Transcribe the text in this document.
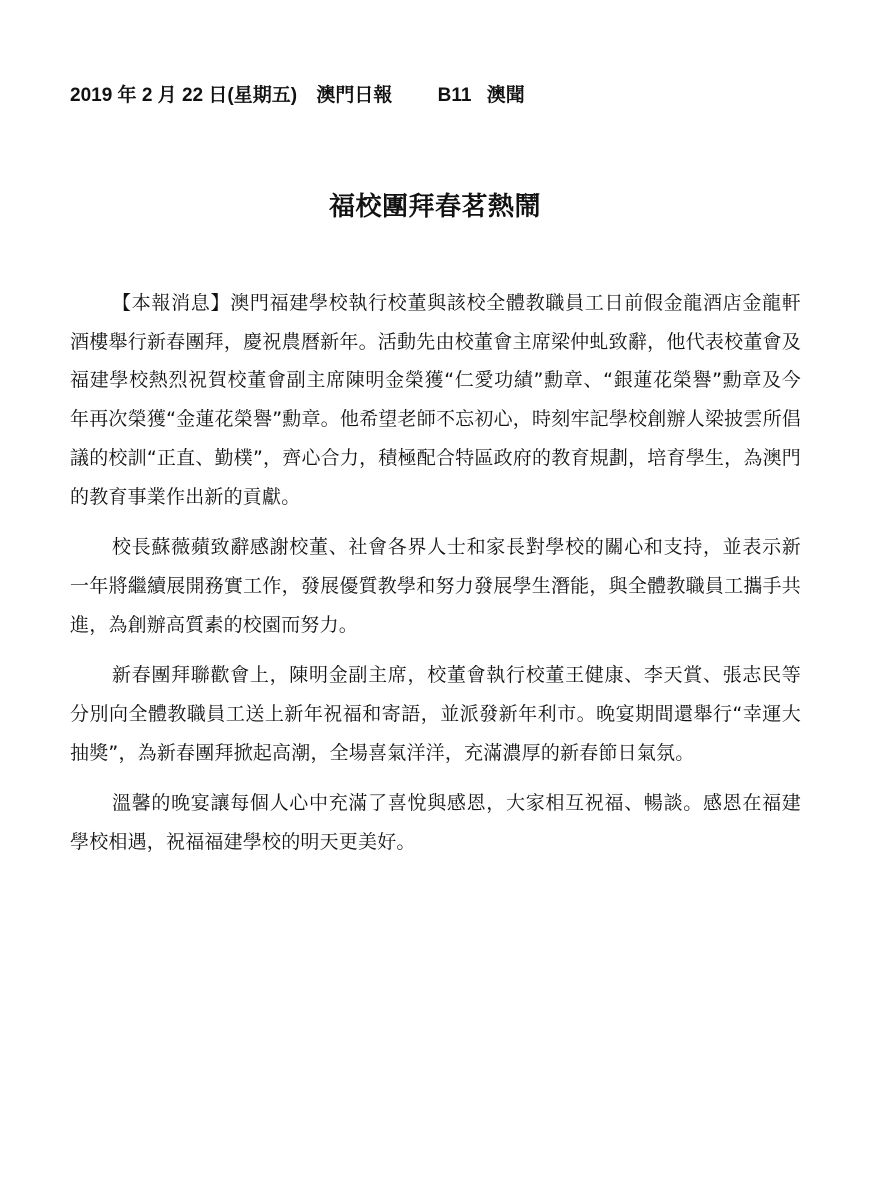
2019 年 2 月 22 日(星期五) 澳門日報 B11 澳聞
福校團拜春茗熱鬧

【本報消息】澳門福建學校執行校董與該校全體教職員工日前假金龍酒店金龍軒酒樓舉行新春團拜，慶祝農曆新年。活動先由校董會主席梁仲虬致辭，他代表校董會及福建學校熱烈祝賀校董會副主席陳明金榮獲“仁愛功績”勳章、“銀蓮花榮譽”勳章及今年再次榮獲“金蓮花榮譽”勳章。他希望老師不忘初心，時刻牢記學校創辦人梁披雲所倡議的校訓“正直、勤樸”，齊心合力，積極配合特區政府的教育規劃，培育學生，為澳門的教育事業作出新的貢獻。

校長蘇薇蘋致辭感謝校董、社會各界人士和家長對學校的關心和支持，並表示新一年將繼續展開務實工作，發展優質教學和努力發展學生潛能，與全體教職員工攜手共進，為創辦高質素的校園而努力。

新春團拜聯歡會上，陳明金副主席，校董會執行校董王健康、李天賞、張志民等分別向全體教職員工送上新年祝福和寄語，並派發新年利市。晚宴期間還舉行“幸運大抽獎”，為新春團拜掀起高潮，全場喜氣洋洋，充滿濃厚的新春節日氣氛。

溫馨的晚宴讓每個人心中充滿了喜悅與感恩，大家相互祝福、暢談。感恩在福建學校相遇，祝福福建學校的明天更美好。
